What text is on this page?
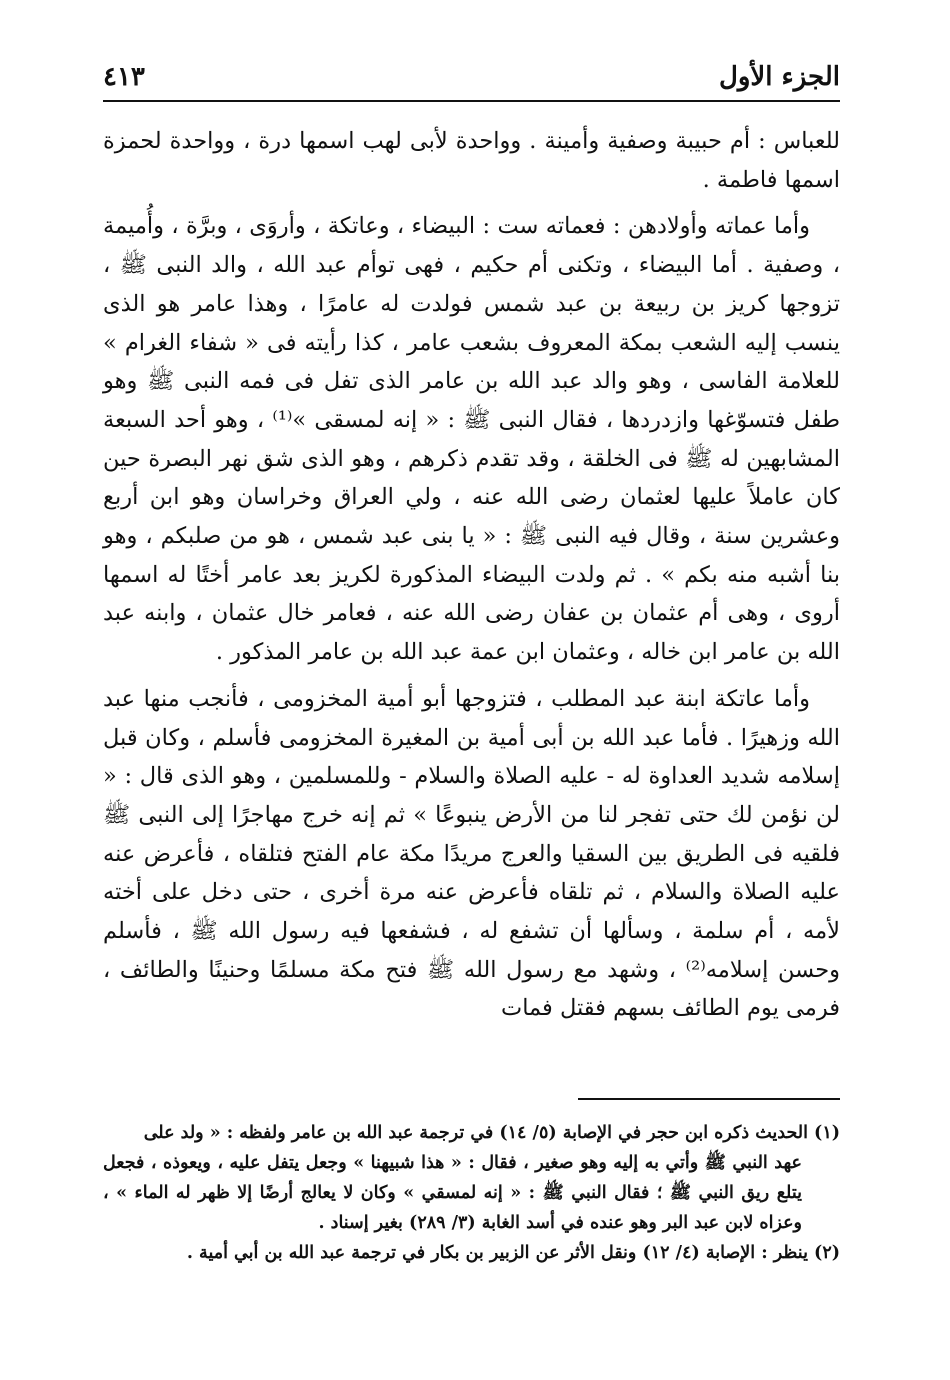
الجزء الأول
٤١٣

للعباس : أم حبيبة وصفية وأمينة . وواحدة لأبى لهب اسمها درة ، وواحدة لحمزة اسمها فاطمة .

وأما عماته وأولادهن : فعماته ست : البيضاء ، وعاتكة ، وأروَى ، وبرَّة ، وأُميمة ، وصفية . أما البيضاء ، وتكنى أم حكيم ، فهى توأم عبد الله ، والد النبى ﷺ ، تزوجها كريز بن ربيعة بن عبد شمس فولدت له عامرًا ، وهذا عامر هو الذى ينسب إليه الشعب بمكة المعروف بشعب عامر ، كذا رأيته فى « شفاء الغرام » للعلامة الفاسى ، وهو والد عبد الله بن عامر الذى تفل فى فمه النبى ﷺ وهو طفل فتسوّغها وازدردها ، فقال النبى ﷺ : « إنه لمسقى »⁽¹⁾ ، وهو أحد السبعة المشابهين له ﷺ فى الخلقة ، وقد تقدم ذكرهم ، وهو الذى شق نهر البصرة حين كان عاملاً عليها لعثمان رضى الله عنه ، ولي العراق وخراسان وهو ابن أربع وعشرين سنة ، وقال فيه النبى ﷺ : « يا بنى عبد شمس ، هو من صلبكم ، وهو بنا أشبه منه بكم » . ثم ولدت البيضاء المذكورة لكريز بعد عامر أختًا له اسمها أروى ، وهى أم عثمان بن عفان رضى الله عنه ، فعامر خال عثمان ، وابنه عبد الله بن عامر ابن خاله ، وعثمان ابن عمة عبد الله بن عامر المذكور .

وأما عاتكة ابنة عبد المطلب ، فتزوجها أبو أمية المخزومى ، فأنجب منها عبد الله وزهيرًا . فأما عبد الله بن أبى أمية بن المغيرة المخزومى فأسلم ، وكان قبل إسلامه شديد العداوة له - عليه الصلاة والسلام - وللمسلمين ، وهو الذى قال : « لن نؤمن لك حتى تفجر لنا من الأرض ينبوعًا » ثم إنه خرج مهاجرًا إلى النبى ﷺ فلقيه فى الطريق بين السقيا والعرج مريدًا مكة عام الفتح فتلقاه ، فأعرض عنه عليه الصلاة والسلام ، ثم تلقاه فأعرض عنه مرة أخرى ، حتى دخل على أخته لأمه ، أم سلمة ، وسألها أن تشفع له ، فشفعها فيه رسول الله ﷺ ، فأسلم وحسن إسلامه⁽²⁾ ، وشهد مع رسول الله ﷺ فتح مكة مسلمًا وحنينًا والطائف ، فرمى يوم الطائف بسهم فقتل فمات

(١) الحديث ذكره ابن حجر في الإصابة (٥/ ١٤) في ترجمة عبد الله بن عامر ولفظه : « ولد على

عهد النبي ﷺ وأتي به إليه وهو صغير ، فقال : « هذا شبيهنا » وجعل يتفل عليه ، ويعوذه ، فجعل يتلع ريق النبي ﷺ ؛ فقال النبي ﷺ : « إنه لمسقي » وكان لا يعالج أرضًا إلا ظهر له الماء » ، وعزاه لابن عبد البر وهو عنده في أسد الغابة (٣/ ٢٨٩) بغير إسناد .

(٢) ينظر : الإصابة (٤/ ١٢) ونقل الأثر عن الزبير بن بكار في ترجمة عبد الله بن أبي أمية .
